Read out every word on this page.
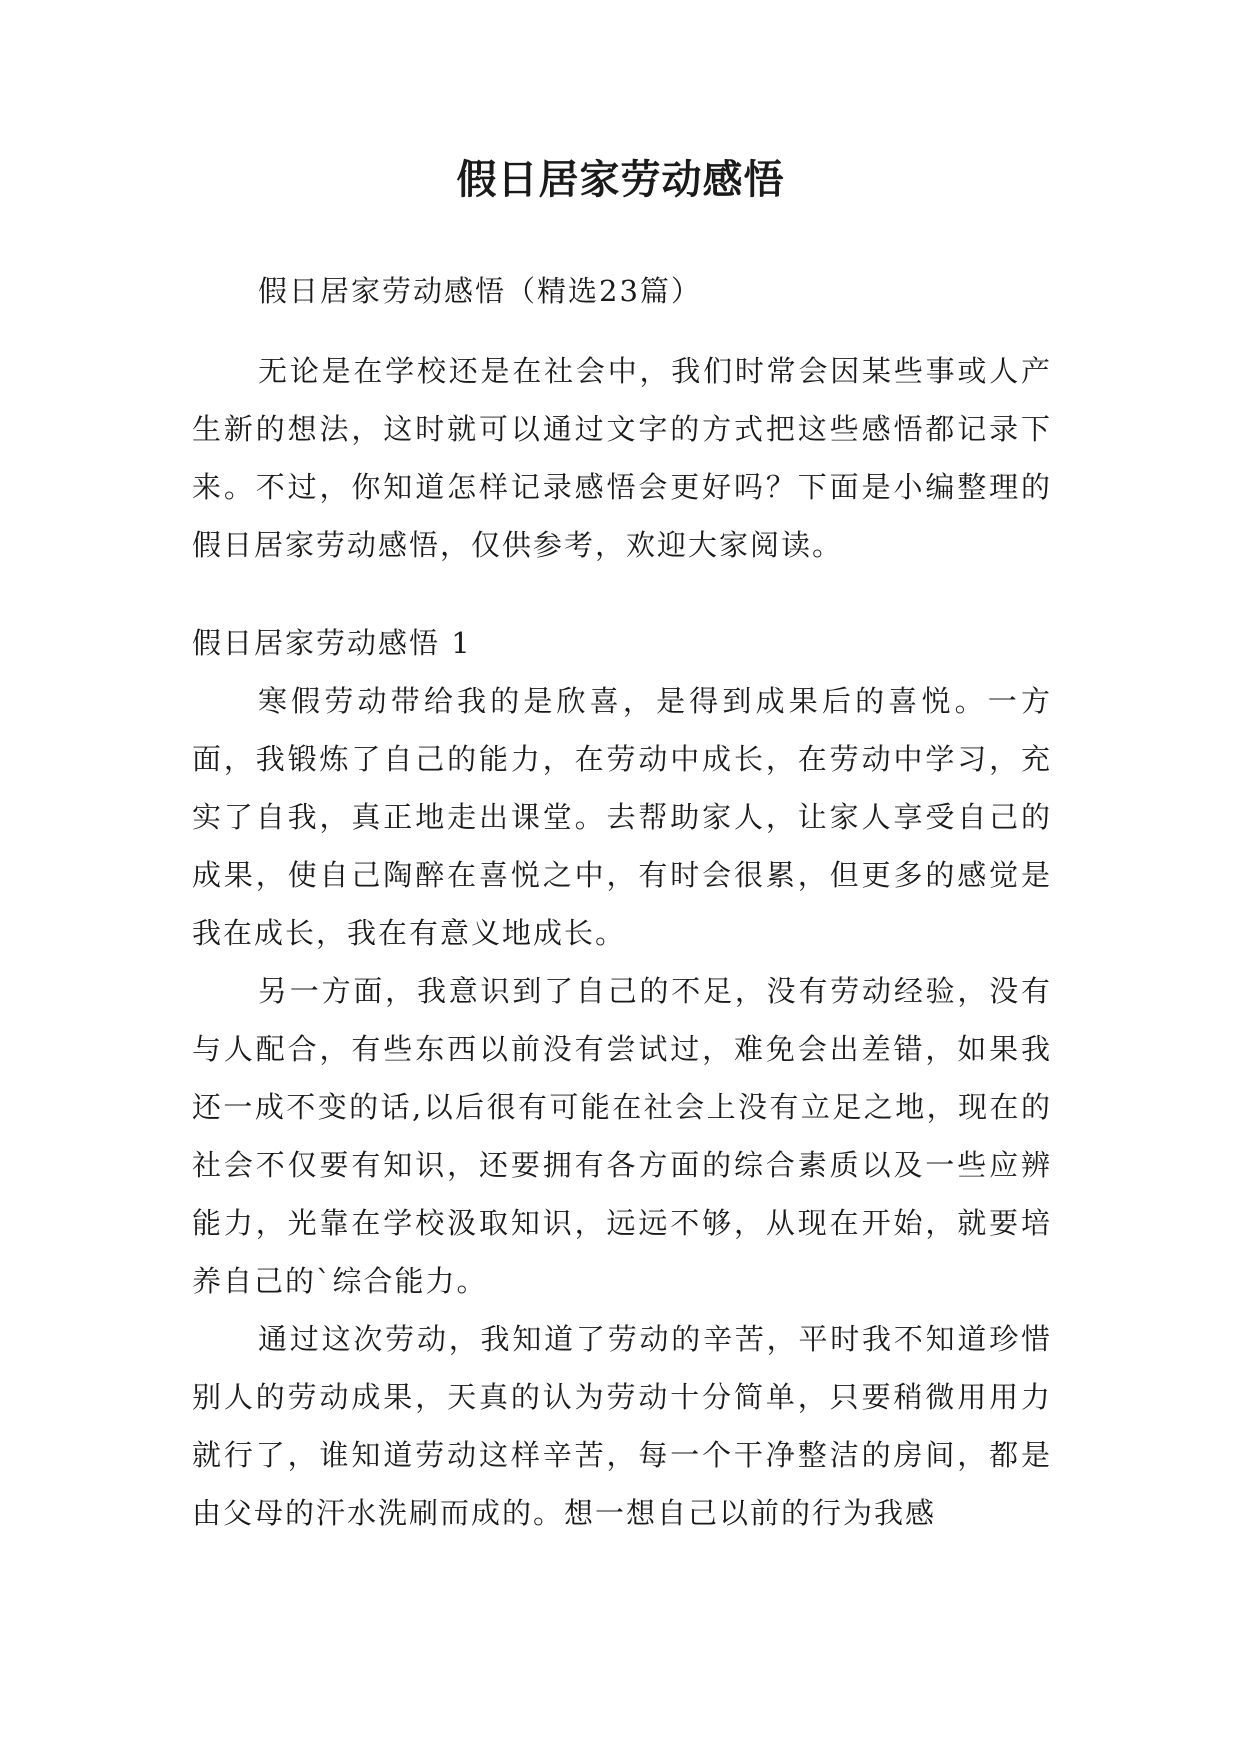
假日居家劳动感悟
假日居家劳动感悟（精选23篇）
无论是在学校还是在社会中，我们时常会因某些事或人产生新的想法，这时就可以通过文字的方式把这些感悟都记录下来。不过，你知道怎样记录感悟会更好吗？下面是小编整理的假日居家劳动感悟，仅供参考，欢迎大家阅读。
假日居家劳动感悟 1

寒假劳动带给我的是欣喜，是得到成果后的喜悦。一方面，我锻炼了自己的能力，在劳动中成长，在劳动中学习，充实了自我，真正地走出课堂。去帮助家人，让家人享受自己的成果，使自己陶醉在喜悦之中，有时会很累，但更多的感觉是我在成长，我在有意义地成长。

另一方面，我意识到了自己的不足，没有劳动经验，没有与人配合，有些东西以前没有尝试过，难免会出差错，如果我还一成不变的话,以后很有可能在社会上没有立足之地，现在的社会不仅要有知识，还要拥有各方面的综合素质以及一些应辨能力，光靠在学校汲取知识，远远不够，从现在开始，就要培养自己的`综合能力。

通过这次劳动，我知道了劳动的辛苦，平时我不知道珍惜别人的劳动成果，天真的认为劳动十分简单，只要稍微用用力就行了，谁知道劳动这样辛苦，每一个干净整洁的房间，都是由父母的汗水洗刷而成的。想一想自己以前的行为我感
